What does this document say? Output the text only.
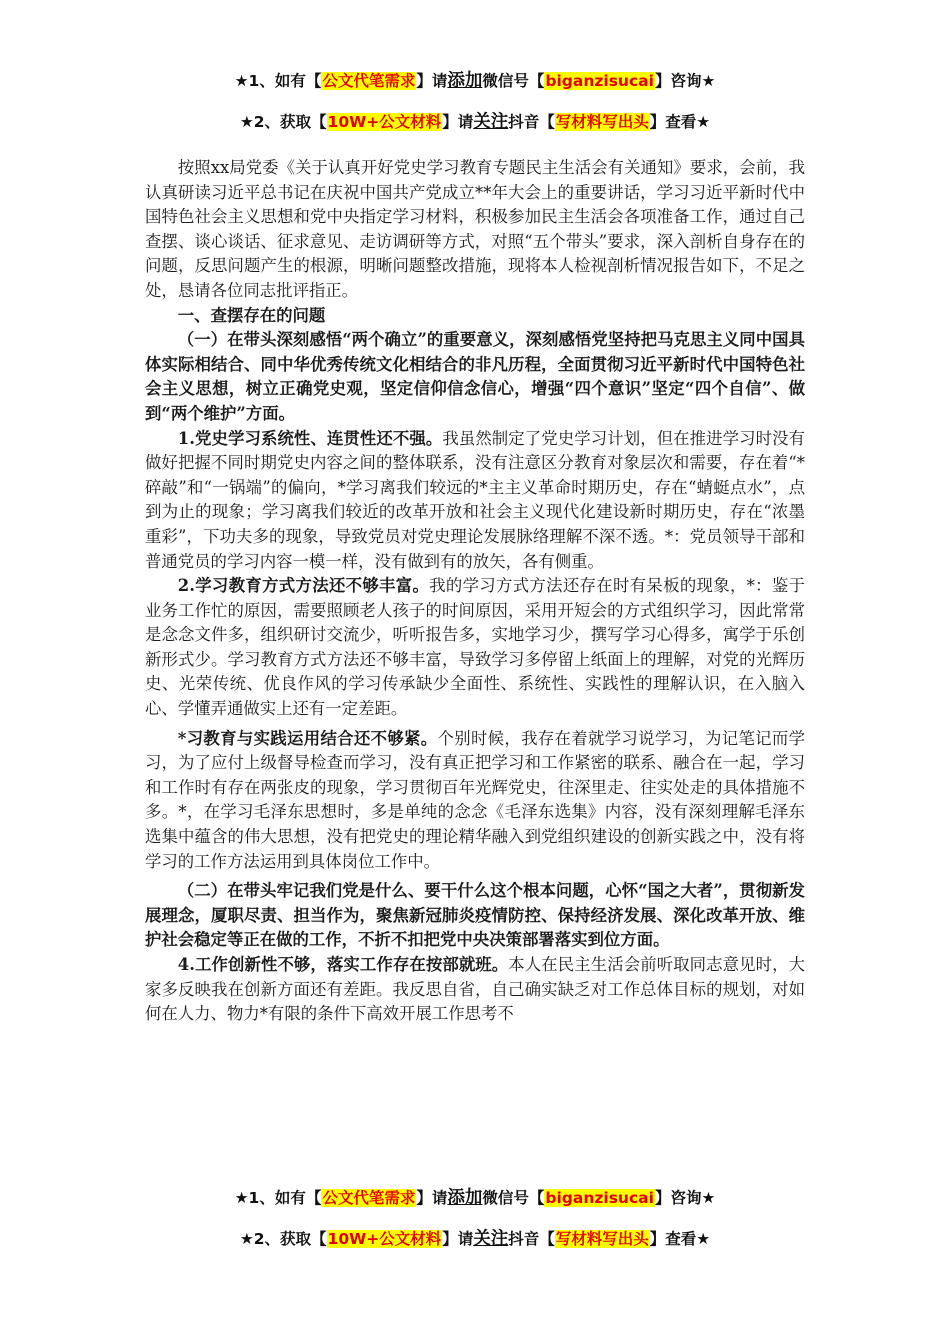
★1、如有【公文代笔需求】请添加微信号【biganzisucai】咨询★
★2、获取【10W+公文材料】请关注抖音【写材料写出头】查看★

按照xx局党委《关于认真开好党史学习教育专题民主生活会有关通知》要求，会前，我认真研读习近平总书记在庆祝中国共产党成立**年大会上的重要讲话，学习习近平新时代中国特色社会主义思想和党中央指定学习材料，积极参加民主生活会各项准备工作，通过自己查摆、谈心谈话、征求意见、走访调研等方式，对照“五个带头”要求，深入剖析自身存在的问题，反思问题产生的根源，明晰问题整改措施，现将本人检视剖析情况报告如下，不足之处，恳请各位同志批评指正。

一、查摆存在的问题

（一）在带头深刻感悟“两个确立”的重要意义，深刻感悟党坚持把马克思主义同中国具体实际相结合、同中华优秀传统文化相结合的非凡历程，全面贯彻习近平新时代中国特色社会主义思想，树立正确党史观，坚定信仰信念信心，增强“四个意识”坚定“四个自信”、做到“两个维护”方面。

1.党史学习系统性、连贯性还不强。我虽然制定了党史学习计划，但在推进学习时没有做好把握不同时期党史内容之间的整体联系，没有注意区分教育对象层次和需要，存在着“*碎敲”和“一锅端”的偏向，*学习离我们较远的*主主义革命时期历史，存在“蜻蜓点水”，点到为止的现象；学习离我们较近的改革开放和社会主义现代化建设新时期历史，存在“浓墨重彩”，下功夫多的现象，导致党员对党史理论发展脉络理解不深不透。*：党员领导干部和普通党员的学习内容一模一样，没有做到有的放矢，各有侧重。

2.学习教育方式方法还不够丰富。我的学习方式方法还存在时有呆板的现象，*：鉴于业务工作忙的原因，需要照顾老人孩子的时间原因，采用开短会的方式组织学习，因此常常是念念文件多，组织研讨交流少，听听报告多，实地学习少，撰写学习心得多，寓学于乐创新形式少。学习教育方式方法还不够丰富，导致学习多停留上纸面上的理解，对党的光辉历史、光荣传统、优良作风的学习传承缺少全面性、系统性、实践性的理解认识，在入脑入心、学懂弄通做实上还有一定差距。

*习教育与实践运用结合还不够紧。个别时候，我存在着就学习说学习，为记笔记而学习，为了应付上级督导检查而学习，没有真正把学习和工作紧密的联系、融合在一起，学习和工作时有存在两张皮的现象，学习贯彻百年光辉党史，往深里走、往实处走的具体措施不多。*，在学习毛泽东思想时，多是单纯的念念《毛泽东选集》内容，没有深刻理解毛泽东选集中蕴含的伟大思想，没有把党史的理论精华融入到党组织建设的创新实践之中，没有将学习的工作方法运用到具体岗位工作中。

（二）在带头牢记我们党是什么、要干什么这个根本问题，心怀“国之大者”，贯彻新发展理念，厦职尽责、担当作为，聚焦新冠肺炎疫情防控、保持经济发展、深化改革开放、维护社会稳定等正在做的工作，不折不扣把党中央决策部署落实到位方面。

4.工作创新性不够，落实工作存在按部就班。本人在民主生活会前听取同志意见时，大家多反映我在创新方面还有差距。我反思自省，自己确实缺乏对工作总体目标的规划，对如何在人力、物力*有限的条件下高效开展工作思考不

★1、如有【公文代笔需求】请添加微信号【biganzisucai】咨询★
★2、获取【10W+公文材料】请关注抖音【写材料写出头】查看★
